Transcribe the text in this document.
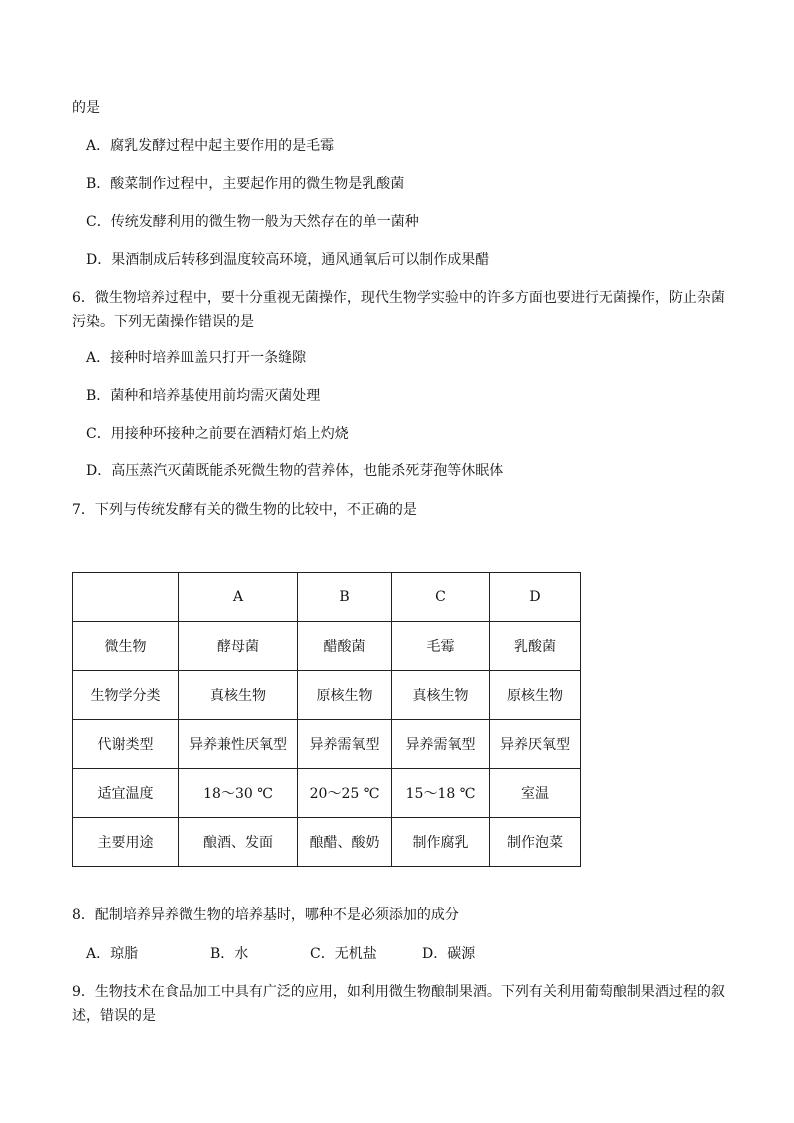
的是
A．腐乳发酵过程中起主要作用的是毛霉
B．酸菜制作过程中，主要起作用的微生物是乳酸菌
C．传统发酵利用的微生物一般为天然存在的单一菌种
D．果酒制成后转移到温度较高环境，通风通氧后可以制作成果醋
6．微生物培养过程中，要十分重视无菌操作，现代生物学实验中的许多方面也要进行无菌操作，防止杂菌
污染。下列无菌操作错误的是
A．接种时培养皿盖只打开一条缝隙
B．菌种和培养基使用前均需灭菌处理
C．用接种环接种之前要在酒精灯焰上灼烧
D．高压蒸汽灭菌既能杀死微生物的营养体，也能杀死芽孢等休眠体
7．下列与传统发酵有关的微生物的比较中，不正确的是
	A	B	C	D
微生物	酵母菌	醋酸菌	毛霉	乳酸菌
生物学分类	真核生物	原核生物	真核生物	原核生物
代谢类型	异养兼性厌氧型	异养需氧型	异养需氧型	异养厌氧型
适宜温度	18～30 ℃	20～25 ℃	15～18 ℃	室温
主要用途	酿酒、发面	酿醋、酸奶	制作腐乳	制作泡菜
8．配制培养异养微生物的培养基时，哪种不是必须添加的成分
A．琼脂	B．水	C．无机盐	D．碳源
9．生物技术在食品加工中具有广泛的应用，如利用微生物酿制果酒。下列有关利用葡萄酿制果酒过程的叙
述，错误的是
